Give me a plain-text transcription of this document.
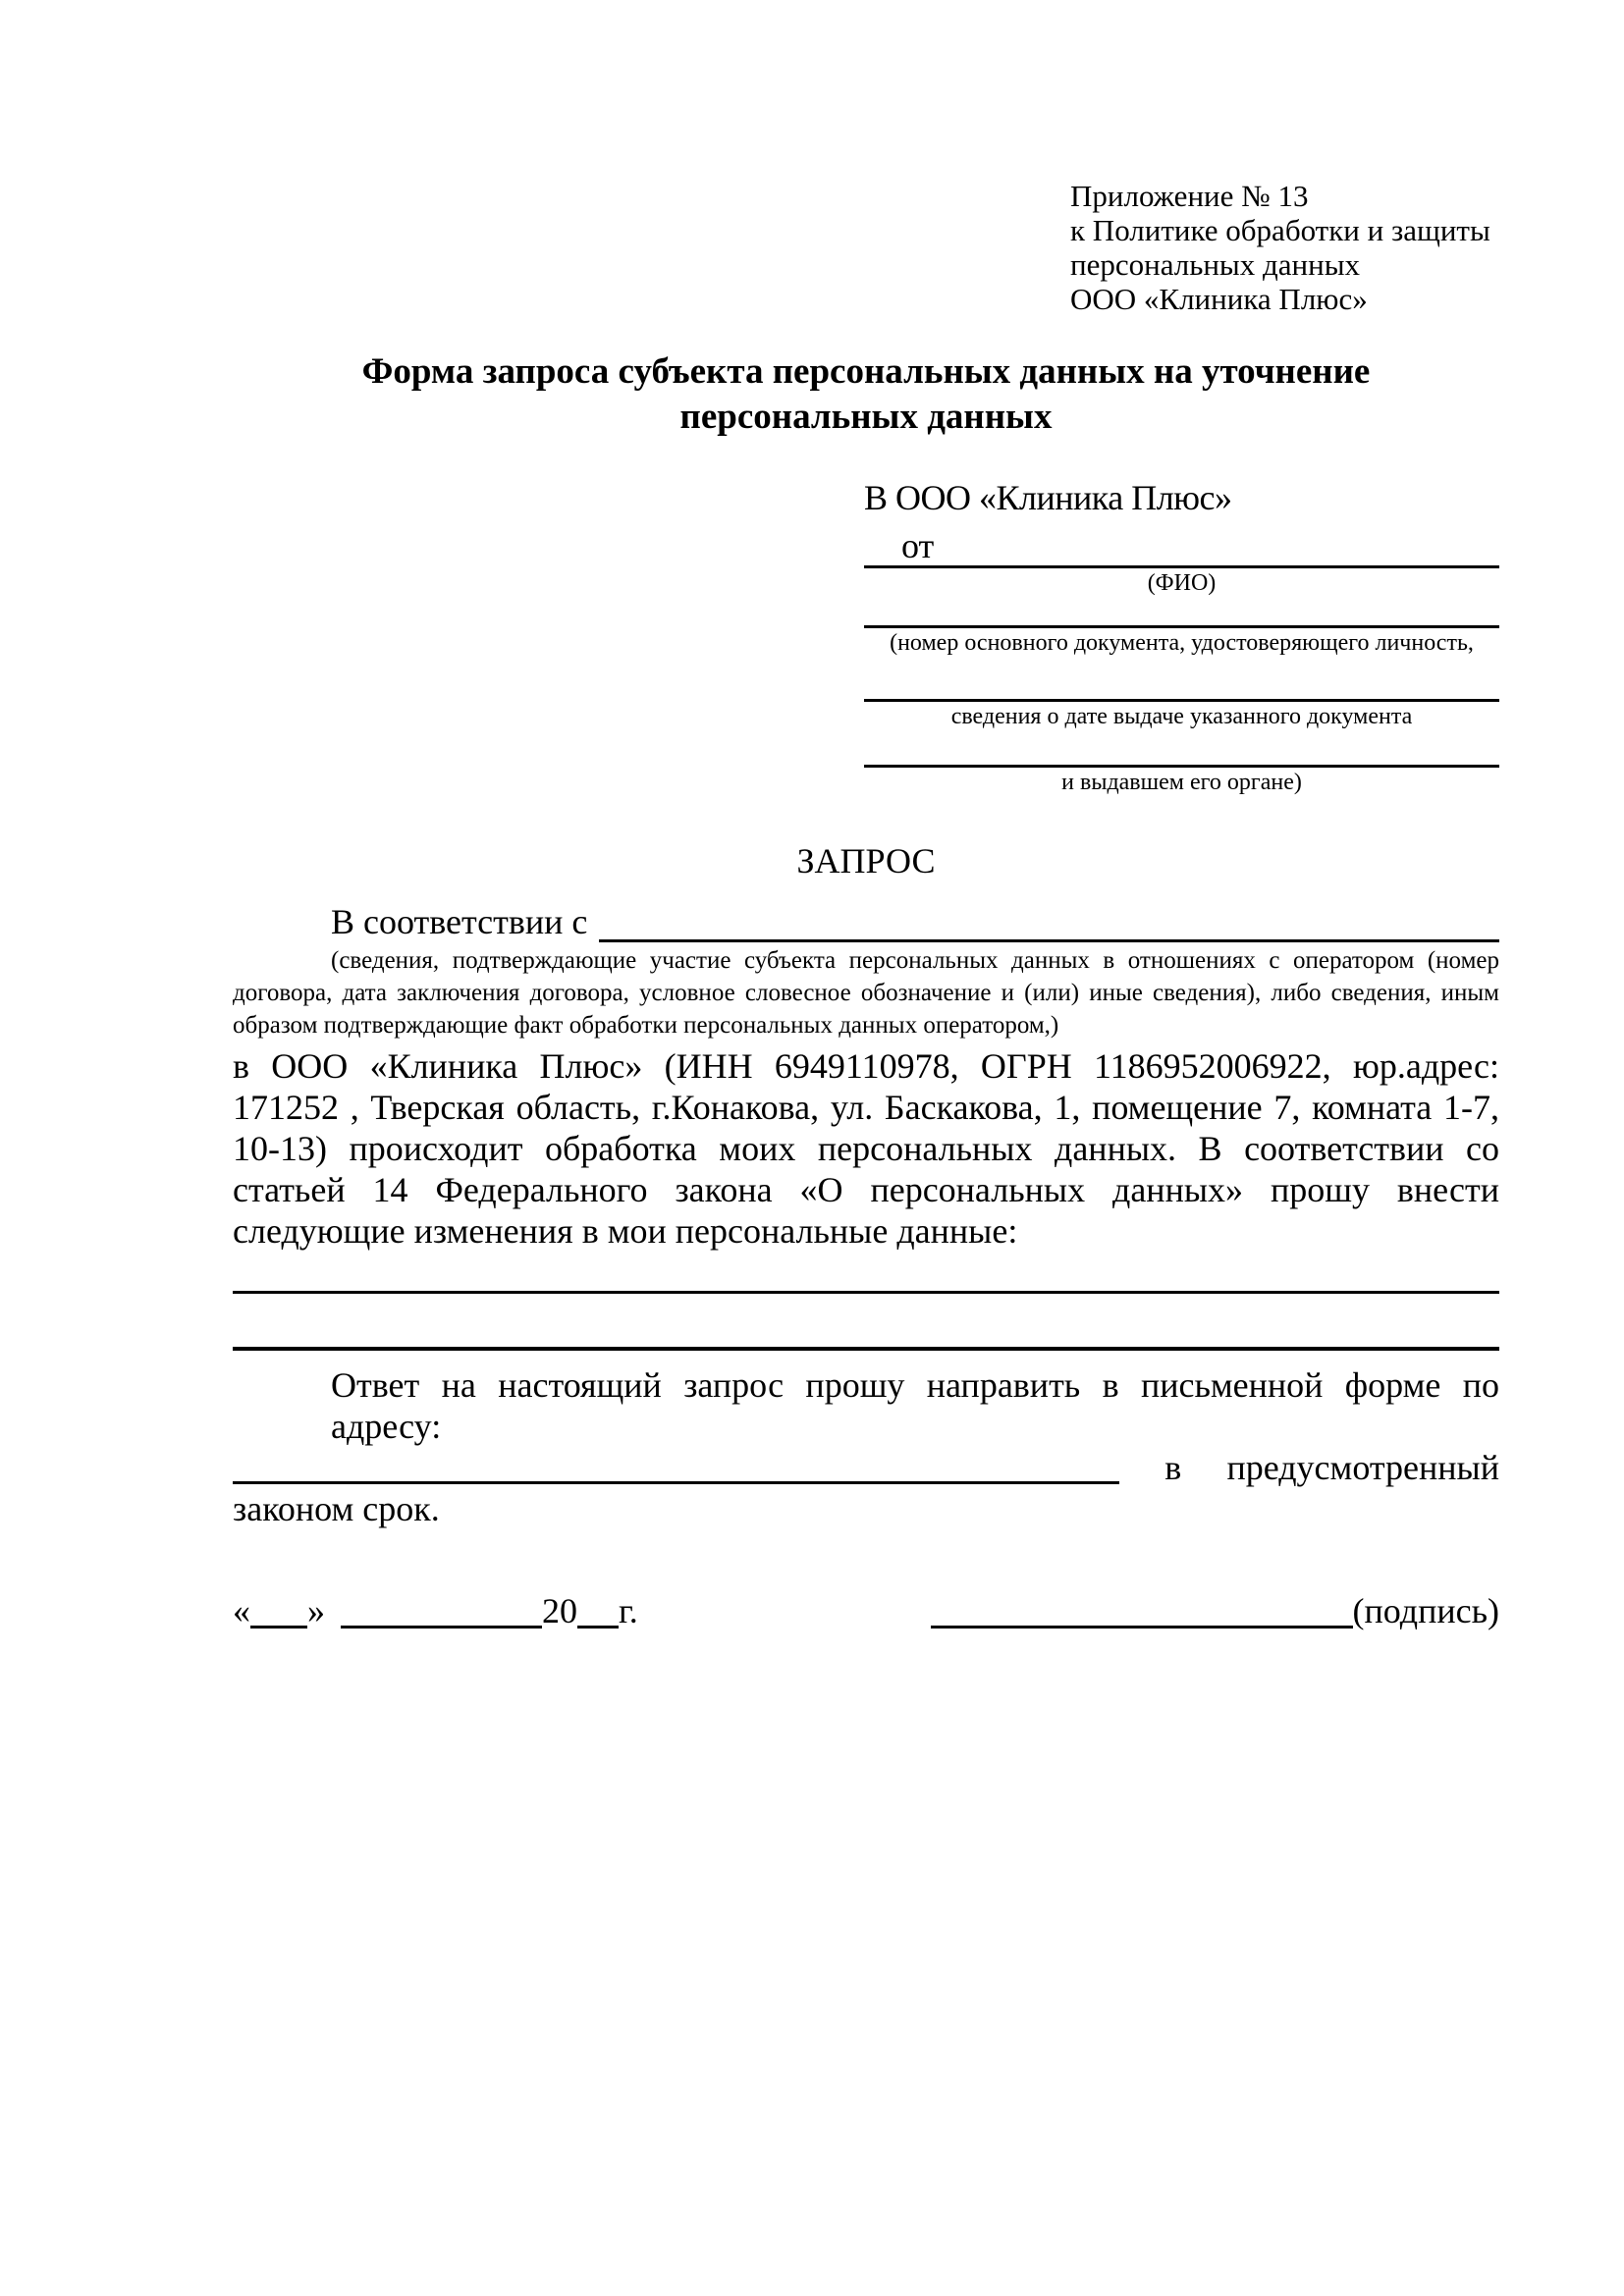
Приложение № 13
к Политике обработки и защиты
персональных данных
ООО «Клиника Плюс»
Форма запроса субъекта персональных данных на уточнение персональных данных
В ООО «Клиника Плюс»
от
(ФИО)
(номер основного документа, удостоверяющего личность,
сведения о дате выдаче указанного документа
и выдавшем его органе)
ЗАПРОС
В соответствии с

(сведения, подтверждающие участие субъекта персональных данных в отношениях с оператором (номер договора, дата заключения договора, условное словесное обозначение и (или) иные сведения), либо сведения, иным образом подтверждающие факт обработки персональных данных оператором,)

в ООО «Клиника Плюс» (ИНН 6949110978, ОГРН 1186952006922, юр.адрес: 171252 , Тверская область, г.Конакова, ул. Баскакова, 1, помещение 7, комната 1-7, 10-13) происходит обработка моих персональных данных. В соответствии со статьей 14 Федерального закона «О персональных данных» прошу внести следующие изменения в мои персональные данные:

Ответ на настоящий запрос прошу направить в письменной форме по адресу:
в предусмотренный
законом срок.
« »	20 г.	(подпись)
